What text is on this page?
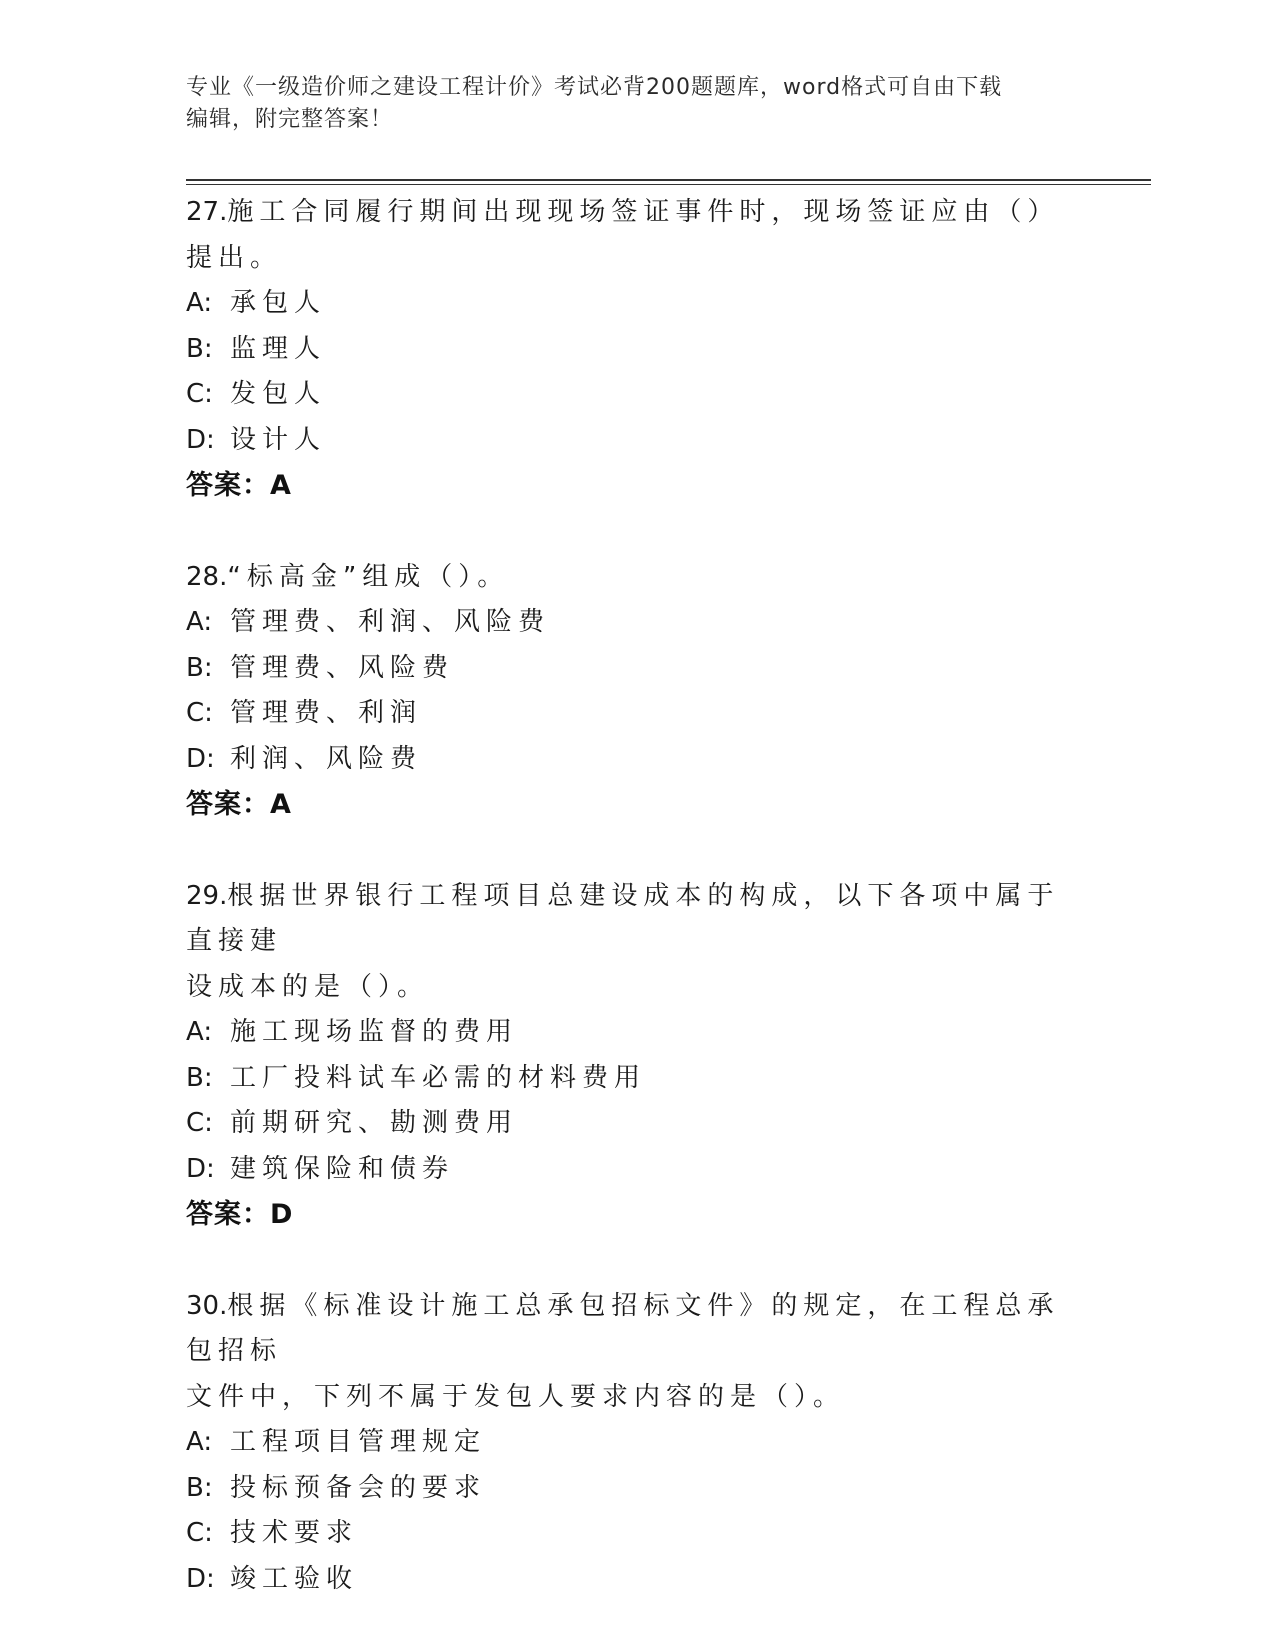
专业《一级造价师之建设工程计价》考试必背200题题库，word格式可自由下载
编辑，附完整答案！

27.施工合同履行期间出现现场签证事件时，现场签证应由（）提出。

A: 承包人

B: 监理人

C: 发包人

D: 设计人

答案：A

28.“标高金”组成（）。

A: 管理费、利润、风险费

B: 管理费、风险费

C: 管理费、利润

D: 利润、风险费

答案：A

29.根据世界银行工程项目总建设成本的构成，以下各项中属于直接建

设成本的是（）。

A: 施工现场监督的费用

B: 工厂投料试车必需的材料费用

C: 前期研究、勘测费用

D: 建筑保险和债券

答案：D

30.根据《标准设计施工总承包招标文件》的规定，在工程总承包招标

文件中，下列不属于发包人要求内容的是（）。

A: 工程项目管理规定

B: 投标预备会的要求

C: 技术要求

D: 竣工验收
